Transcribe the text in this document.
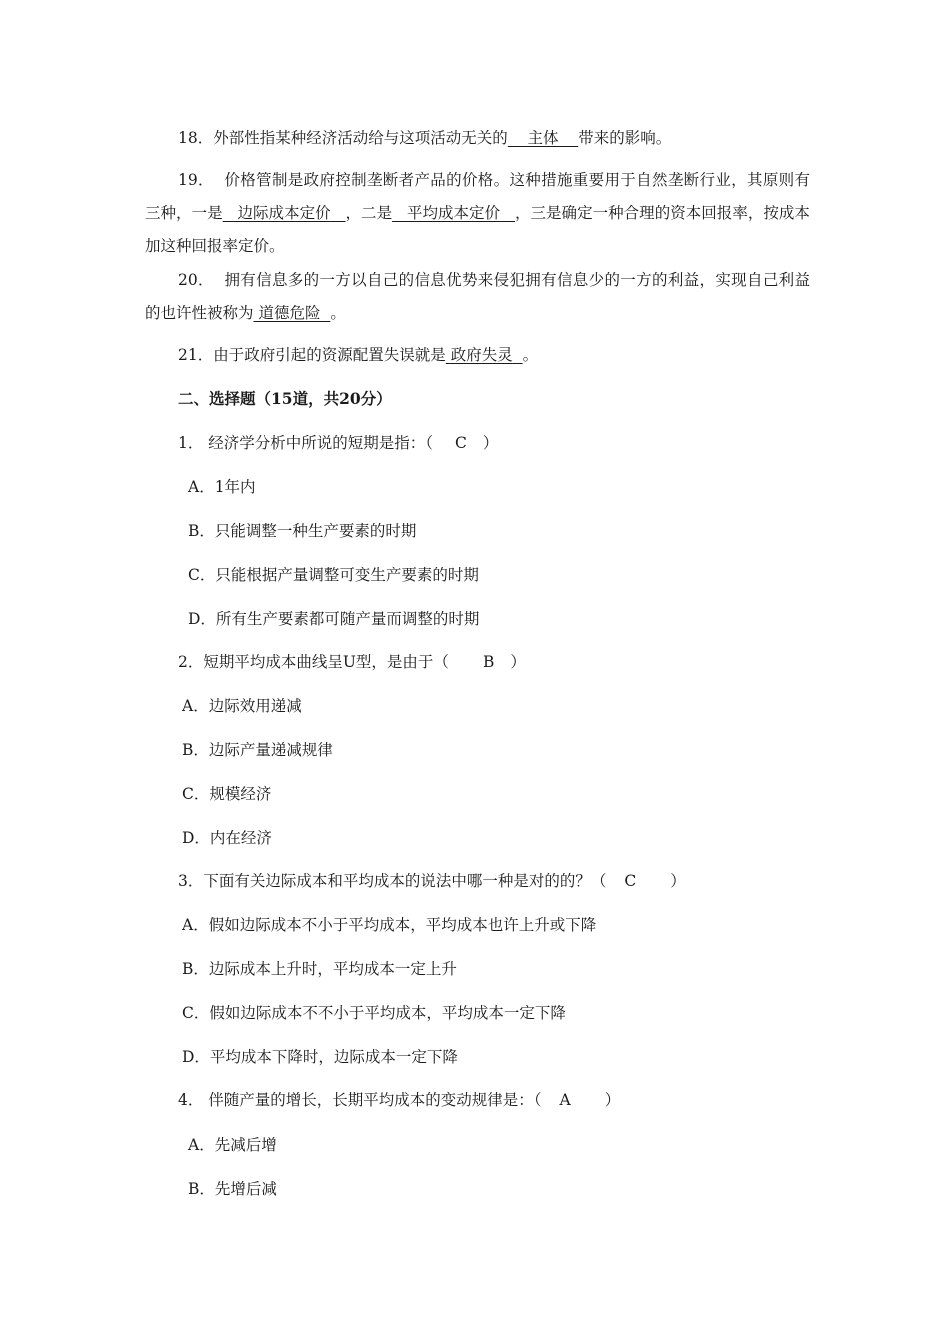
18．外部性指某种经济活动给与这项活动无关的 主体 带来的影响。
19． 价格管制是政府控制垄断者产品的价格。这种措施重要用于自然垄断行业，其原则有三种，一是 边际成本定价 ，二是 平均成本定价 ，三是确定一种合理的资本回报率，按成本加这种回报率定价。
20． 拥有信息多的一方以自己的信息优势来侵犯拥有信息少的一方的利益，实现自己利益的也许性被称为 道德危险 。
21．由于政府引起的资源配置失误就是 政府失灵 。
二、选择题（15道，共20分）
1． 经济学分析中所说的短期是指：（ C ）
A．1年内
B．只能调整一种生产要素的时期
C．只能根据产量调整可变生产要素的时期
D．所有生产要素都可随产量而调整的时期
2．短期平均成本曲线呈U型，是由于（ B ）
A．边际效用递减
B．边际产量递减规律
C．规模经济
D．内在经济
3．下面有关边际成本和平均成本的说法中哪一种是对的的？（ C ）
A．假如边际成本不小于平均成本，平均成本也许上升或下降
B．边际成本上升时，平均成本一定上升
C．假如边际成本不不小于平均成本，平均成本一定下降
D．平均成本下降时，边际成本一定下降
4． 伴随产量的增长，长期平均成本的变动规律是：（ A ）
A．先减后增
B．先增后减
